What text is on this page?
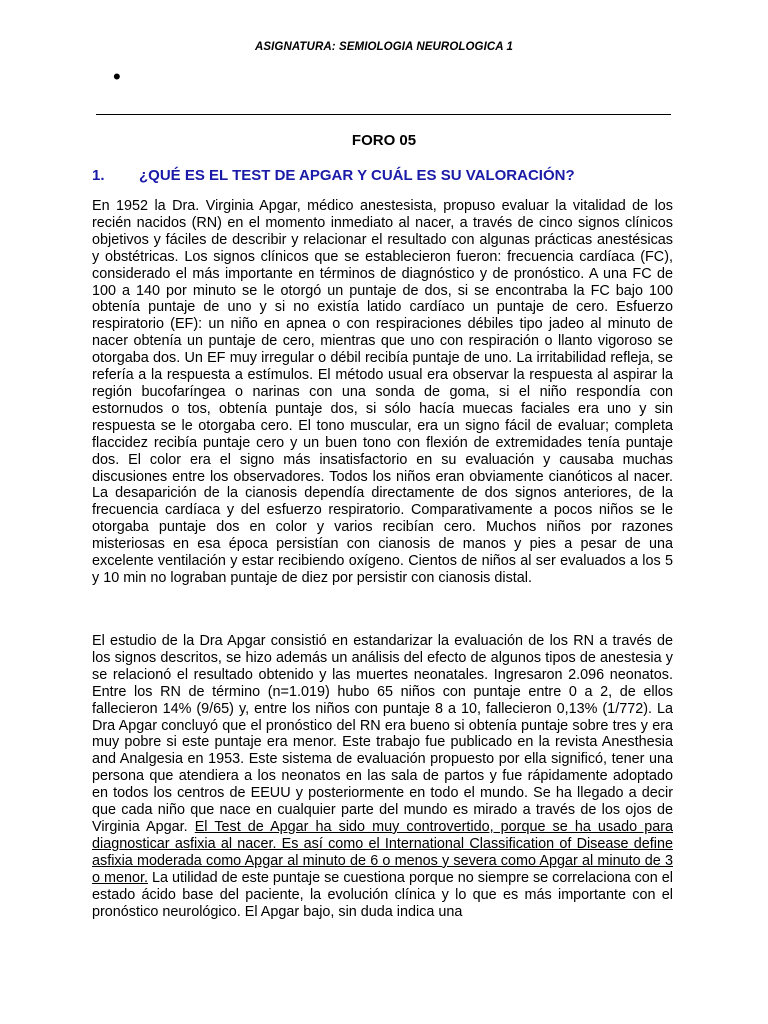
ASIGNATURA: SEMIOLOGIA NEUROLOGICA 1
•
FORO 05
1. ¿QUÉ ES EL TEST DE APGAR Y CUÁL ES SU VALORACIÓN?

En 1952 la Dra. Virginia Apgar, médico anestesista, propuso evaluar la vitalidad de los recién nacidos (RN) en el momento inmediato al nacer, a través de cinco signos clínicos objetivos y fáciles de describir y relacionar el resultado con algunas prácticas anestésicas y obstétricas. Los signos clínicos que se establecieron fueron: frecuencia cardíaca (FC), considerado el más importante en términos de diagnóstico y de pronóstico. A una FC de 100 a 140 por minuto se le otorgó un puntaje de dos, si se encontraba la FC bajo 100 obtenía puntaje de uno y si no existía latido cardíaco un puntaje de cero. Esfuerzo respiratorio (EF): un niño en apnea o con respiraciones débiles tipo jadeo al minuto de nacer obtenía un puntaje de cero, mientras que uno con respiración o llanto vigoroso se otorgaba dos. Un EF muy irregular o débil recibía puntaje de uno. La irritabilidad refleja, se refería a la respuesta a estímulos. El método usual era observar la respuesta al aspirar la región bucofaríngea o narinas con una sonda de goma, si el niño respondía con estornudos o tos, obtenía puntaje dos, si sólo hacía muecas faciales era uno y sin respuesta se le otorgaba cero. El tono muscular, era un signo fácil de evaluar; completa flaccidez recibía puntaje cero y un buen tono con flexión de extremidades tenía puntaje dos. El color era el signo más insatisfactorio en su evaluación y causaba muchas discusiones entre los observadores. Todos los niños eran obviamente cianóticos al nacer. La desaparición de la cianosis dependía directamente de dos signos anteriores, de la frecuencia cardíaca y del esfuerzo respiratorio. Comparativamente a pocos niños se le otorgaba puntaje dos en color y varios recibían cero. Muchos niños por razones misteriosas en esa época persistían con cianosis de manos y pies a pesar de una excelente ventilación y estar recibiendo oxígeno. Cientos de niños al ser evaluados a los 5 y 10 min no lograban puntaje de diez por persistir con cianosis distal.

El estudio de la Dra Apgar consistió en estandarizar la evaluación de los RN a través de los signos descritos, se hizo además un análisis del efecto de algunos tipos de anestesia y se relacionó el resultado obtenido y las muertes neonatales. Ingresaron 2.096 neonatos. Entre los RN de término (n=1.019) hubo 65 niños con puntaje entre 0 a 2, de ellos fallecieron 14% (9/65) y, entre los niños con puntaje 8 a 10, fallecieron 0,13% (1/772). La Dra Apgar concluyó que el pronóstico del RN era bueno si obtenía puntaje sobre tres y era muy pobre si este puntaje era menor. Este trabajo fue publicado en la revista Anesthesia and Analgesia en 1953. Este sistema de evaluación propuesto por ella significó, tener una persona que atendiera a los neonatos en las sala de partos y fue rápidamente adoptado en todos los centros de EEUU y posteriormente en todo el mundo. Se ha llegado a decir que cada niño que nace en cualquier parte del mundo es mirado a través de los ojos de Virginia Apgar. El Test de Apgar ha sido muy controvertido, porque se ha usado para diagnosticar asfixia al nacer. Es así como el International Classification of Disease define asfixia moderada como Apgar al minuto de 6 o menos y severa como Apgar al minuto de 3 o menor. La utilidad de este puntaje se cuestiona porque no siempre se correlaciona con el estado ácido base del paciente, la evolución clínica y lo que es más importante con el pronóstico neurológico. El Apgar bajo, sin duda indica una
